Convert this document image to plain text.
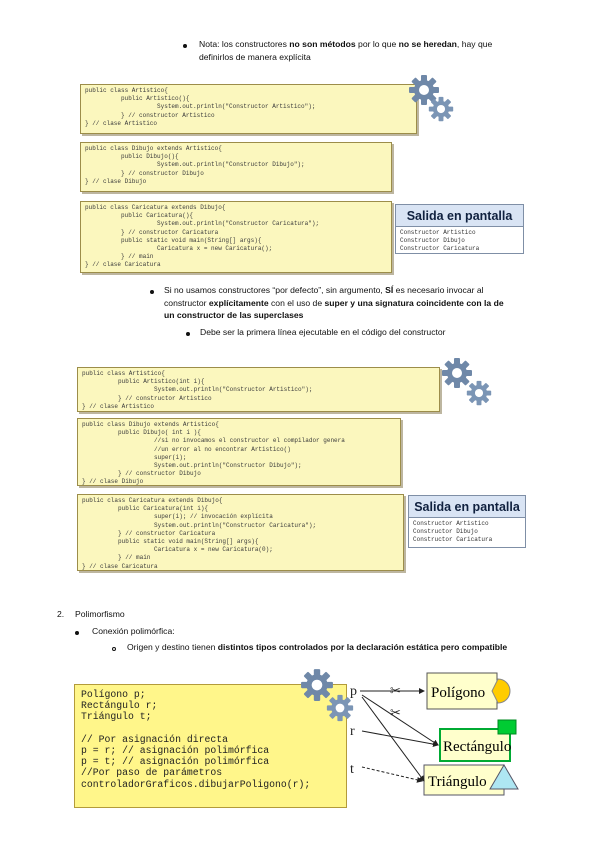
Nota: los constructores no son métodos por lo que no se heredan, hay que
definirlos de manera explícita
public class Artistico{
public Artistico(){
System.out.println("Constructor Artistico");
} // constructor Artistico
} // clase Artistico
public class Dibujo extends Artistico{
public Dibujo(){
System.out.println("Constructor Dibujo");
} // constructor Dibujo
} // clase Dibujo
public class Caricatura extends Dibujo{
public Caricatura(){
System.out.println("Constructor Caricatura");
} // constructor Caricatura
public static void main(String[] args){
Caricatura x = new Caricatura();
} // main
} // clase Caricatura
Salida en pantalla
Constructor Artistico
Constructor Dibujo
Constructor Caricatura
Si no usamos constructores “por defecto”, sin argumento, SÍ es necesario invocar al
constructor explícitamente con el uso de super y una signatura coincidente con la de
un constructor de las superclases
Debe ser la primera línea ejecutable en el código del constructor
public class Artistico{
public Artistico(int i){
System.out.println("Constructor Artistico");
} // constructor Artistico
} // clase Artistico
public class Dibujo extends Artistico{
public Dibujo( int i ){
//si no invocamos el constructor el compilador genera
//un error al no encontrar Artistico()
super(i);
System.out.println("Constructor Dibujo");
} // constructor Dibujo
} // clase Dibujo
public class Caricatura extends Dibujo{
public Caricatura(int i){
super(i); // invocación explícita
System.out.println("Constructor Caricatura");
} // constructor Caricatura
public static void main(String[] args){
Caricatura x = new Caricatura(0);
} // main
} // clase Caricatura
Salida en pantalla
Constructor Artistico
Constructor Dibujo
Constructor Caricatura
2. Polimorfismo
Conexión polimórfica:
Origen y destino tienen distintos tipos controlados por la declaración estática pero compatible
Polígono p;
Rectángulo r;
Triángulo t;

// Por asignación directa
p = r; // asignación polimórfica
p = t; // asignación polimórfica
//Por paso de parámetros
controladorGraficos.dibujarPoligono(r);
✂
✂
p
r
t
Polígono
Rectángulo
Triángulo
